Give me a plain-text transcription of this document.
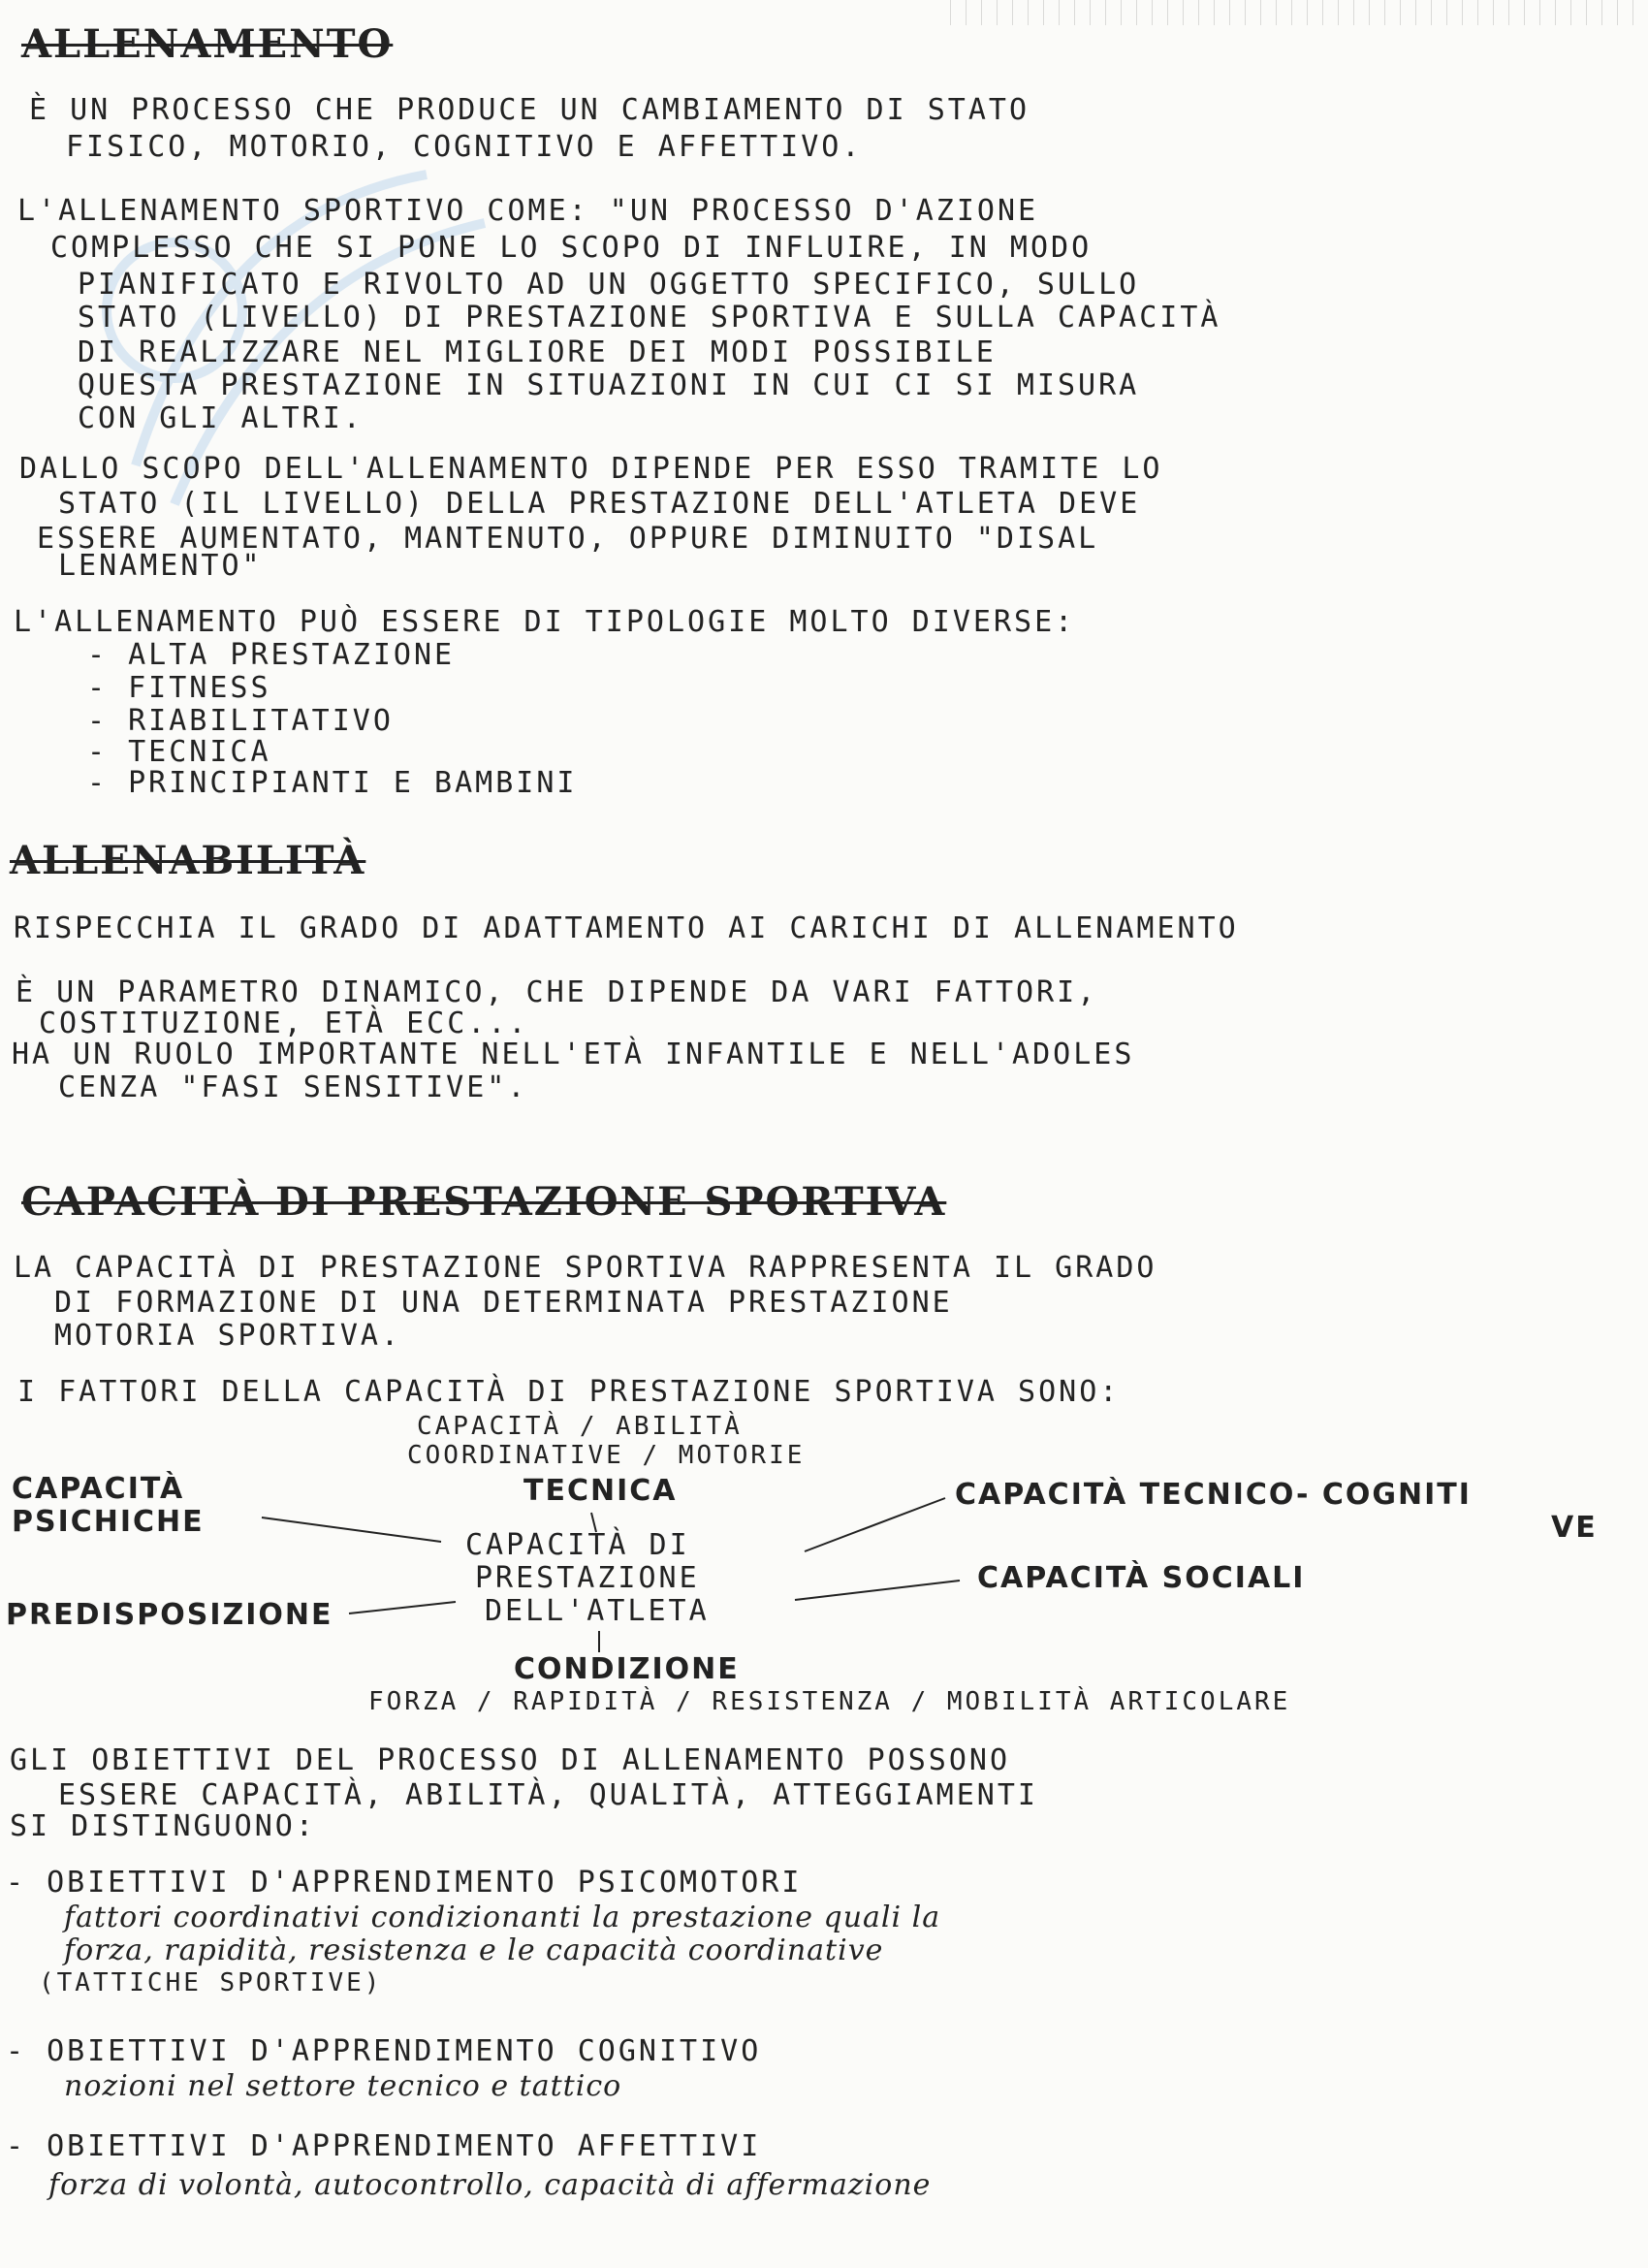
ALLENAMENTO
È UN PROCESSO CHE PRODUCE UN CAMBIAMENTO DI STATO
FISICO, MOTORIO, COGNITIVO E AFFETTIVO.
L'ALLENAMENTO SPORTIVO COME: "UN PROCESSO D'AZIONE
COMPLESSO CHE SI PONE LO SCOPO DI INFLUIRE, IN MODO
PIANIFICATO E RIVOLTO AD UN OGGETTO SPECIFICO, SULLO
STATO (LIVELLO) DI PRESTAZIONE SPORTIVA E SULLA CAPACITÀ
DI REALIZZARE NEL MIGLIORE DEI MODI POSSIBILE
QUESTA PRESTAZIONE IN SITUAZIONI IN CUI CI SI MISURA
CON GLI ALTRI.
DALLO SCOPO DELL'ALLENAMENTO DIPENDE PER ESSO TRAMITE LO
STATO (IL LIVELLO) DELLA PRESTAZIONE DELL'ATLETA DEVE
ESSERE AUMENTATO, MANTENUTO, OPPURE DIMINUITO "DISAL
LENAMENTO"
L'ALLENAMENTO PUÒ ESSERE DI TIPOLOGIE MOLTO DIVERSE:
- ALTA PRESTAZIONE
- FITNESS
- RIABILITATIVO
- TECNICA
- PRINCIPIANTI E BAMBINI
ALLENABILITÀ
RISPECCHIA IL GRADO DI ADATTAMENTO AI CARICHI DI ALLENAMENTO
È UN PARAMETRO DINAMICO, CHE DIPENDE DA VARI FATTORI,
COSTITUZIONE, ETÀ ECC...
HA UN RUOLO IMPORTANTE NELL'ETÀ INFANTILE E NELL'ADOLES
CENZA "FASI SENSITIVE".
CAPACITÀ DI PRESTAZIONE SPORTIVA
LA CAPACITÀ DI PRESTAZIONE SPORTIVA RAPPRESENTA IL GRADO
DI FORMAZIONE DI UNA DETERMINATA PRESTAZIONE
MOTORIA SPORTIVA.
I FATTORI DELLA CAPACITÀ DI PRESTAZIONE SPORTIVA SONO:
CAPACITÀ / ABILITÀ
COORDINATIVE / MOTORIE
TECNICA
CAPACITÀ
PSICHICHE
CAPACITÀ TECNICO- COGNITI
VE
CAPACITÀ DI
PRESTAZIONE
DELL'ATLETA
PREDISPOSIZIONE
CAPACITÀ SOCIALI
CONDIZIONE
FORZA / RAPIDITÀ / RESISTENZA / MOBILITÀ ARTICOLARE
GLI OBIETTIVI DEL PROCESSO DI ALLENAMENTO POSSONO
ESSERE CAPACITÀ, ABILITÀ, QUALITÀ, ATTEGGIAMENTI
SI DISTINGUONO:
- OBIETTIVI D'APPRENDIMENTO PSICOMOTORI
fattori coordinativi condizionanti la prestazione quali la
forza, rapidità, resistenza e le capacità coordinative
(TATTICHE SPORTIVE)
- OBIETTIVI D'APPRENDIMENTO COGNITIVO
nozioni nel settore tecnico e tattico
- OBIETTIVI D'APPRENDIMENTO AFFETTIVI
forza di volontà, autocontrollo, capacità di affermazione
